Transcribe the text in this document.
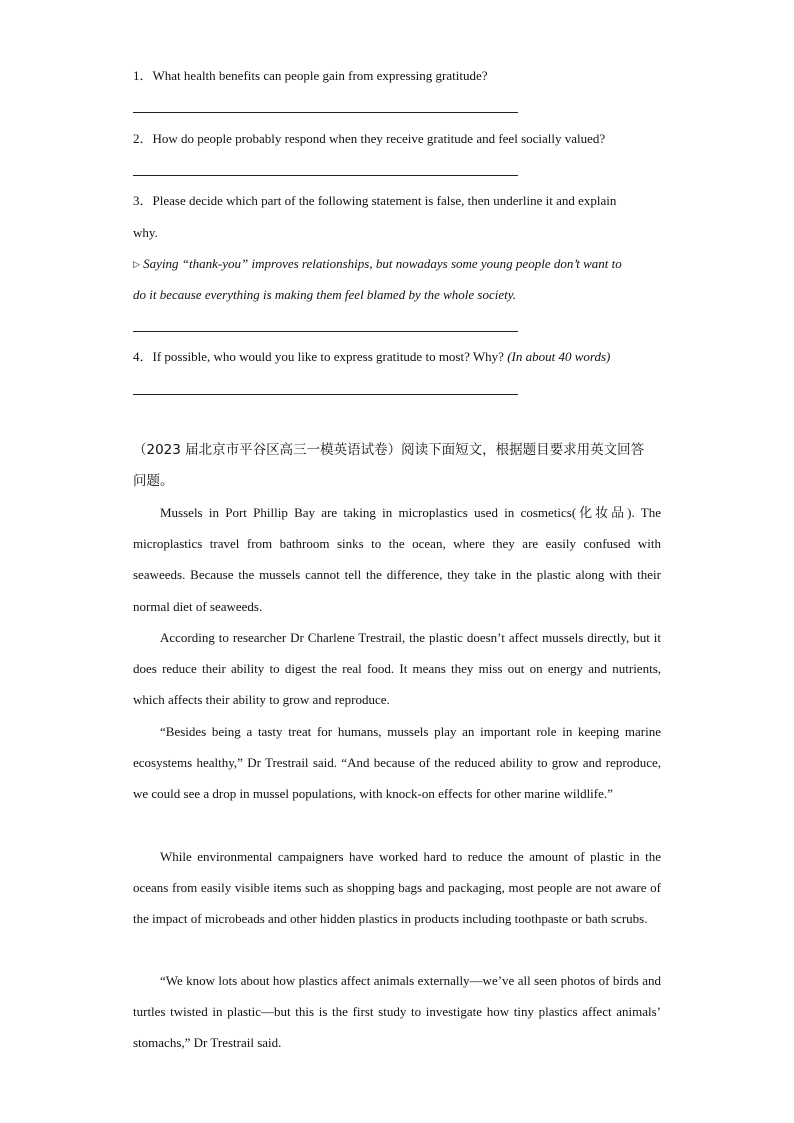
1．What health benefits can people gain from expressing gratitude?
2．How do people probably respond when they receive gratitude and feel socially valued?
3．Please decide which part of the following statement is false, then underline it and explain
why.
▷ Saying “thank-you” improves relationships, but nowadays some young people don’t want to
do it because everything is making them feel blamed by the whole society.
4．If possible, who would you like to express gratitude to most? Why? (In about 40 words)
（2023 届北京市平谷区高三一模英语试卷）阅读下面短文，根据题目要求用英文回答
问题。
Mussels in Port Phillip Bay are taking in microplastics used in cosmetics(化妆品). The microplastics travel from bathroom sinks to the ocean, where they are easily confused with seaweeds. Because the mussels cannot tell the difference, they take in the plastic along with their normal diet of seaweeds.
According to researcher Dr Charlene Trestrail, the plastic doesn’t affect mussels directly, but it does reduce their ability to digest the real food. It means they miss out on energy and nutrients, which affects their ability to grow and reproduce.
“Besides being a tasty treat for humans, mussels play an important role in keeping marine ecosystems healthy,” Dr Trestrail said. “And because of the reduced ability to grow and reproduce, we could see a drop in mussel populations, with knock-on effects for other marine wildlife.”
While environmental campaigners have worked hard to reduce the amount of plastic in the oceans from easily visible items such as shopping bags and packaging, most people are not aware of the impact of microbeads and other hidden plastics in products including toothpaste or bath scrubs.
“We know lots about how plastics affect animals externally—we’ve all seen photos of birds and turtles twisted in plastic—but this is the first study to investigate how tiny plastics affect animals’ stomachs,” Dr Trestrail said.
